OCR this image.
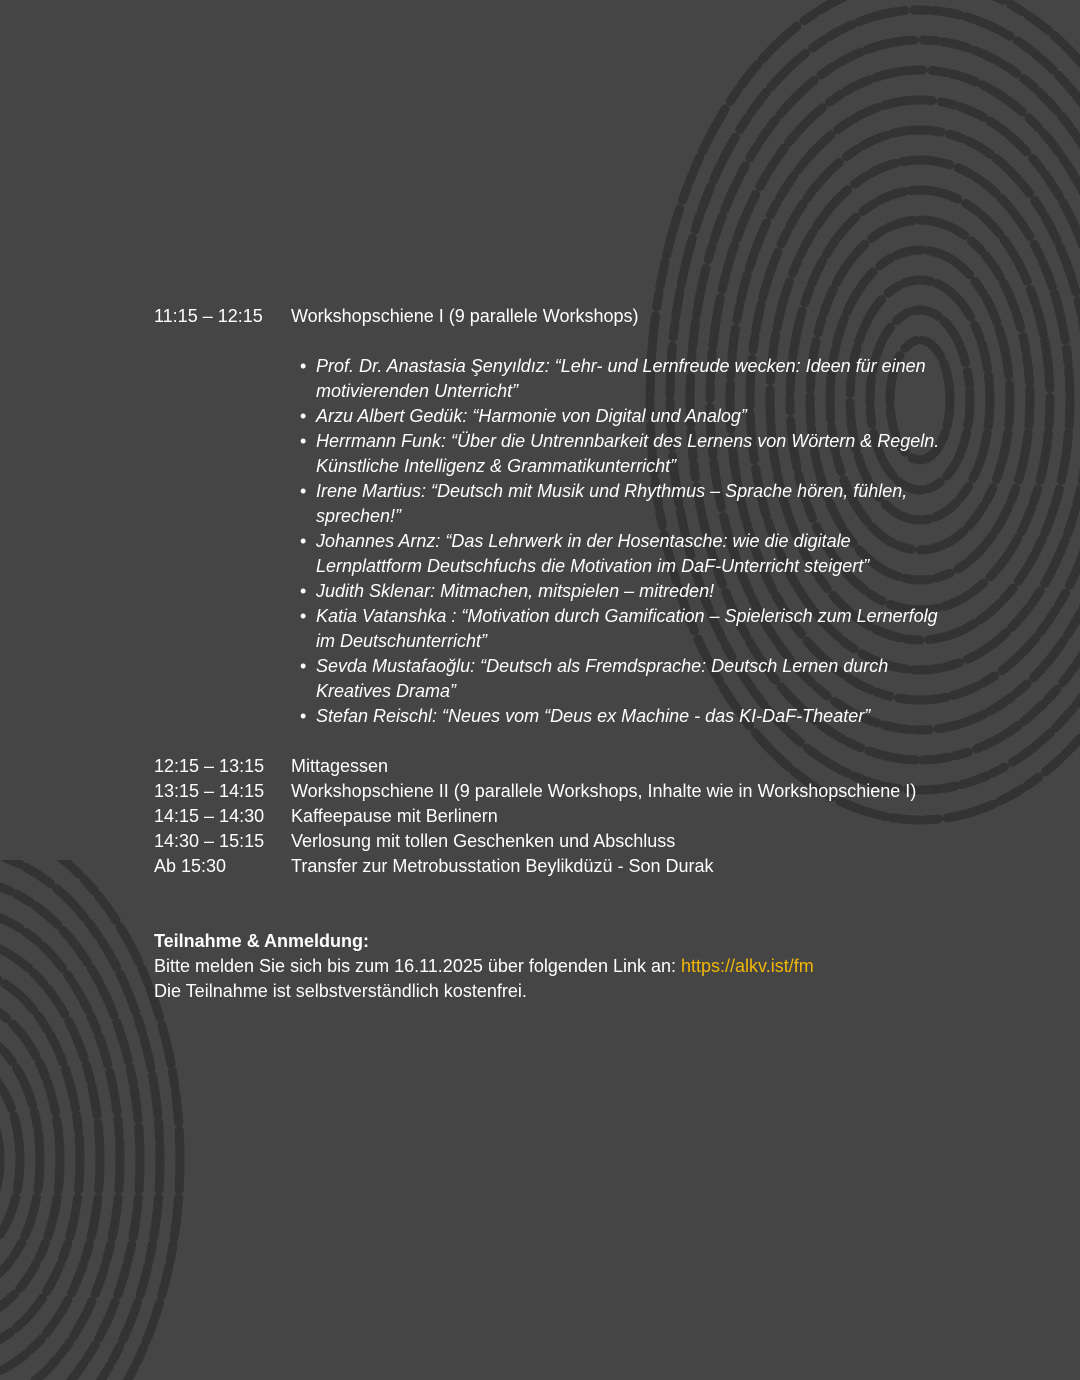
11:15 – 12:15	Workshopschiene I (9 parallele Workshops)
• Prof. Dr. Anastasia Şenyıldız: “Lehr- und Lernfreude wecken: Ideen für einen motivierenden Unterricht”
• Arzu Albert Gedük: “Harmonie von Digital und Analog”
• Herrmann Funk: “Über die Untrennbarkeit des Lernens von Wörtern & Regeln. Künstliche Intelligenz & Grammatikunterricht”
• Irene Martius: “Deutsch mit Musik und Rhythmus – Sprache hören, fühlen, sprechen!”
• Johannes Arnz: “Das Lehrwerk in der Hosentasche: wie die digitale Lernplattform Deutschfuchs die Motivation im DaF-Unterricht steigert”
• Judith Sklenar: Mitmachen, mitspielen – mitreden!
• Katia Vatanshka : “Motivation durch Gamification – Spielerisch zum Lernerfolg im Deutschunterricht”
• Sevda Mustafaoğlu: “Deutsch als Fremdsprache: Deutsch Lernen durch Kreatives Drama”
• Stefan Reischl: “Neues vom “Deus ex Machine - das KI-DaF-Theater”
12:15 – 13:15	Mittagessen
13:15 – 14:15 Workshopschiene II (9 parallele Workshops, Inhalte wie in Workshopschiene I)
14:15 – 14:30	Kaffeepause mit Berlinern
14:30 – 15:15	Verlosung mit tollen Geschenken und Abschluss
Ab 15:30	Transfer zur Metrobusstation Beylikdüzü - Son Durak
Teilnahme & Anmeldung:
Bitte melden Sie sich bis zum 16.11.2025 über folgenden Link an: https://alkv.ist/fm
Die Teilnahme ist selbstverständlich kostenfrei.
